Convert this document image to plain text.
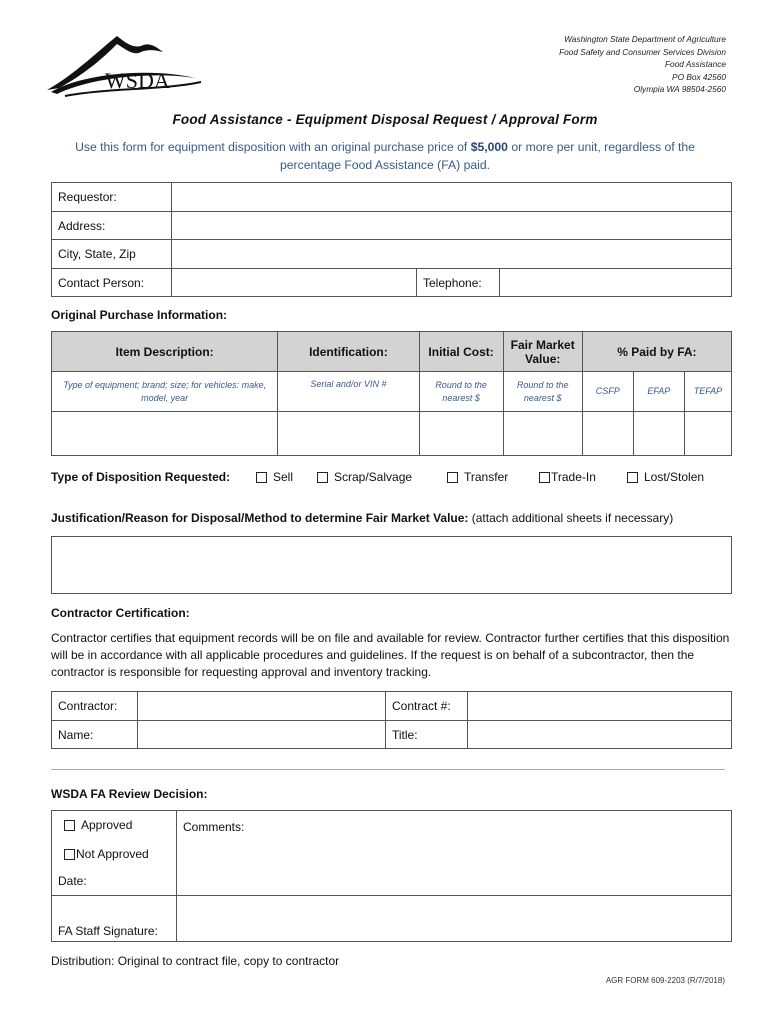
WSDA
Washington State Department of Agriculture
Food Safety and Consumer Services Division
Food Assistance
PO Box 42560
Olympia WA 98504-2560
Food Assistance - Equipment Disposal Request / Approval Form
Use this form for equipment disposition with an original purchase price of $5,000 or more per unit, regardless of the percentage Food Assistance (FA) paid.
Requestor:			
Address:			
City, State, Zip			
Contact Person:		Telephone:	
Original Purchase Information:
Item Description:	Identification:	Initial Cost:	Fair Market Value:	% Paid by FA:		
Type of equipment; brand; size; for vehicles: make, model, year	Serial and/or VIN #	Round to the nearest $	Round to the nearest $	CSFP	EFAP	TEFAP

Type of Disposition Requested:	Sell	Scrap/Salvage	Transfer	Trade-In	Lost/Stolen
Justification/Reason for Disposal/Method to determine Fair Market Value: (attach additional sheets if necessary)
Contractor Certification:
Contractor certifies that equipment records will be on file and available for review. Contractor further certifies that this disposition will be in accordance with all applicable procedures and guidelines. If the request is on behalf of a subcontractor, then the contractor is responsible for requesting approval and inventory tracking.
Contractor:		Contract #:	
Name:		Title:	
WSDA FA Review Decision:
Approved	Comments:
Not Approved	
Date:	
FA Staff Signature:	
Distribution: Original to contract file, copy to contractor
AGR FORM 609-2203 (R/7/2018)
